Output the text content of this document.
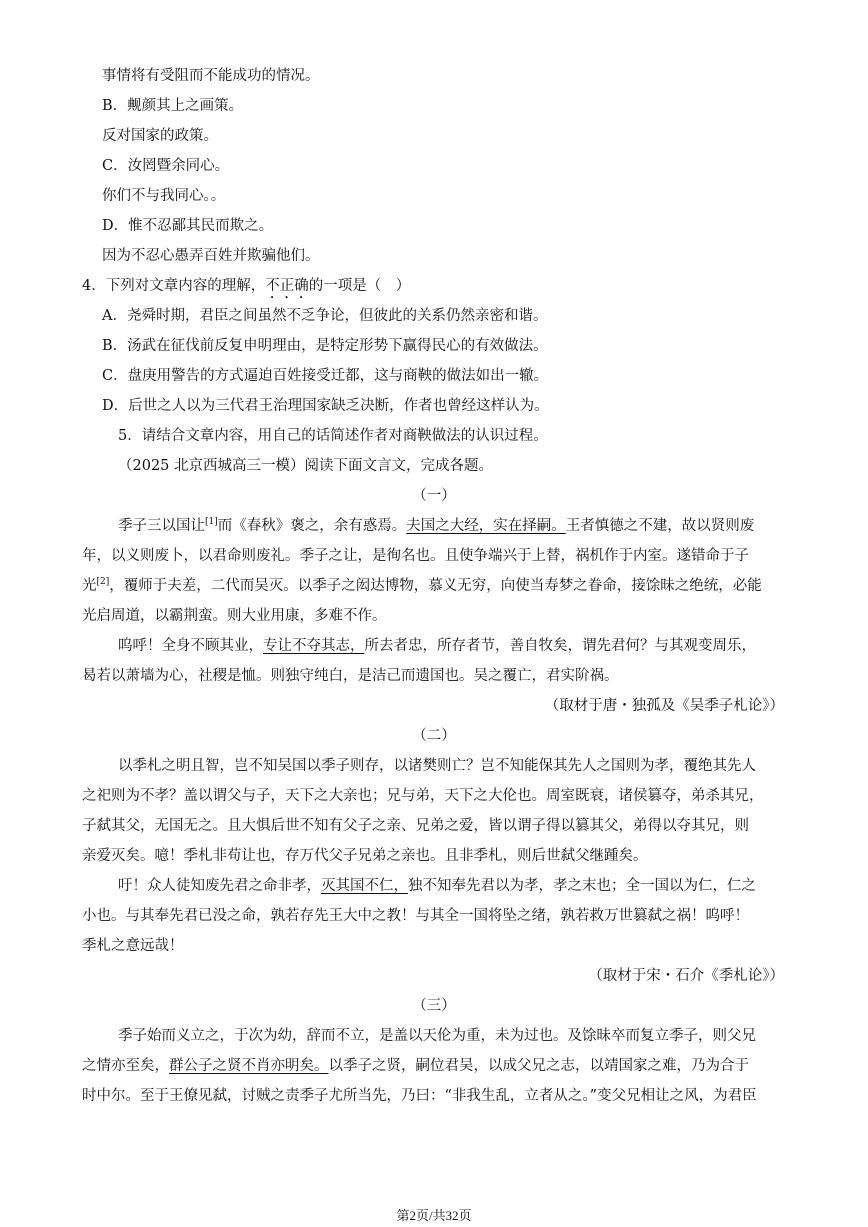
事情将有受阻而不能成功的情况。
B．觍颜其上之画策。
反对国家的政策。
C．汝罔暨余同心。
你们不与我同心。。
D．惟不忍鄙其民而欺之。
因为不忍心愚弄百姓并欺骗他们。
4．下列对文章内容的理解，不正确的一项是（　）
A．尧舜时期，君臣之间虽然不乏争论，但彼此的关系仍然亲密和谐。
B．汤武在征伐前反复申明理由，是特定形势下赢得民心的有效做法。
C．盘庚用警告的方式逼迫百姓接受迁都，这与商鞅的做法如出一辙。
D．后世之人以为三代君王治理国家缺乏决断，作者也曾经这样认为。
5．请结合文章内容，用自己的话简述作者对商鞅做法的认识过程。
（2025 北京西城高三一模）阅读下面文言文，完成各题。
（一）
季子三以国让[1]而《春秋》褒之，余有惑焉。夫国之大经，实在择嗣。王者慎德之不建，故以贤则废
年，以义则废卜，以君命则废礼。季子之让，是徇名也。且使争端兴于上替，祸机作于内室。遂错命于子
光[2]，覆师于夫差，二代而吴灭。以季子之闳达博物，慕义无穷，向使当寿梦之眷命，接馀昧之绝统，必能
光启周道，以霸荆蛮。则大业用康，多难不作。
呜呼！全身不顾其业，专让不夺其志，所去者忠，所存者节，善自牧矣，谓先君何？与其观变周乐，
曷若以萧墙为心，社稷是恤。则独守纯白，是洁己而遗国也。吴之覆亡，君实阶祸。
（取材于唐・独孤及《吴季子札论》）
（二）
以季札之明且智，岂不知吴国以季子则存，以诸樊则亡？岂不知能保其先人之国则为孝，覆绝其先人
之祀则为不孝？盖以谓父与子，天下之大亲也；兄与弟，天下之大伦也。周室既衰，诸侯篡夺，弟杀其兄，
子弑其父，无国无之。且大惧后世不知有父子之亲、兄弟之爱，皆以谓子得以篡其父，弟得以夺其兄，则
亲爱灭矣。噫！季札非苟让也，存万代父子兄弟之亲也。且非季札，则后世弑父继踵矣。
吁！众人徒知废先君之命非孝，灭其国不仁，独不知奉先君以为孝，孝之末也；全一国以为仁，仁之
小也。与其奉先君已没之命，孰若存先王大中之教！与其全一国将坠之绪，孰若救万世篡弑之祸！呜呼！
季札之意远哉！
（取材于宋・石介《季札论》）
（三）
季子始而义立之，于次为幼，辞而不立，是盖以天伦为重，未为过也。及馀昧卒而复立季子，则父兄
之情亦至矣，群公子之贤不肖亦明矣。以季子之贤，嗣位君吴，以成父兄之志，以靖国家之难，乃为合于
时中尔。至于王僚见弑，讨贼之责季子尤所当先，乃曰：“非我生乱，立者从之。”变父兄相让之风，为君臣
第2页/共32页
